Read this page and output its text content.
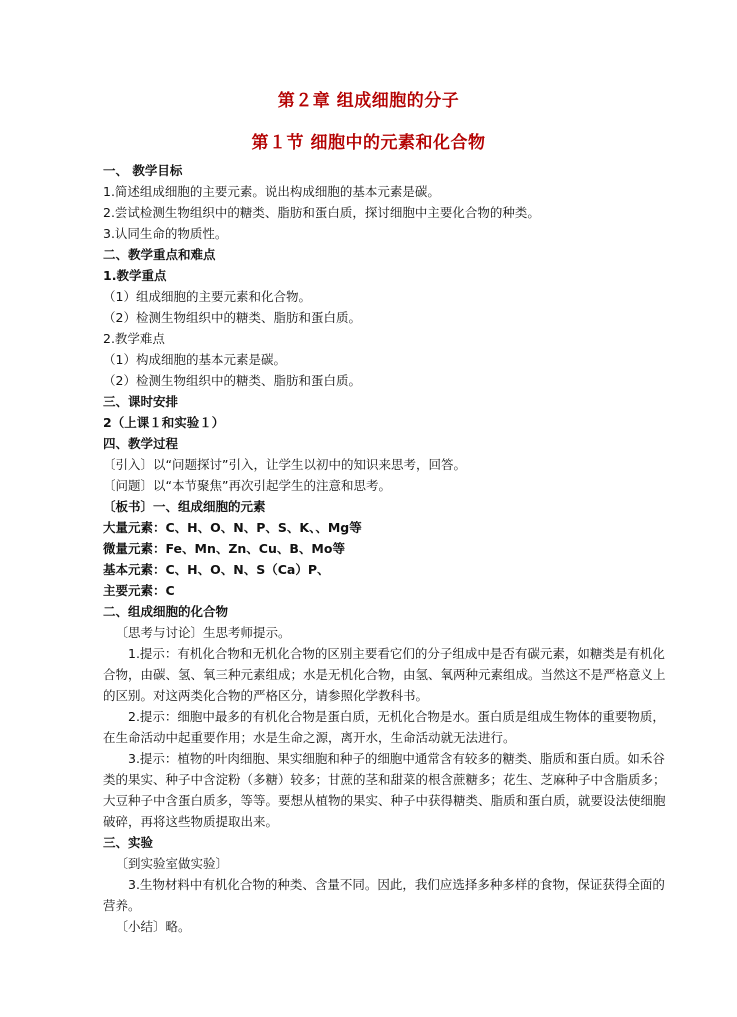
第２章 组成细胞的分子
第１节 细胞中的元素和化合物
一、 教学目标
1.简述组成细胞的主要元素。说出构成细胞的基本元素是碳。
2.尝试检测生物组织中的糖类、脂肪和蛋白质，探讨细胞中主要化合物的种类。
3.认同生命的物质性。
二、教学重点和难点
1.教学重点
（1）组成细胞的主要元素和化合物。
（2）检测生物组织中的糖类、脂肪和蛋白质。
2.教学难点
（1）构成细胞的基本元素是碳。
（2）检测生物组织中的糖类、脂肪和蛋白质。
三、课时安排
2（上课１和实验１）
四、教学过程
〔引入〕以“问题探讨”引入，让学生以初中的知识来思考，回答。
〔问题〕以“本节聚焦”再次引起学生的注意和思考。
〔板书〕一、组成细胞的元素
大量元素：C、H、O、N、P、S、K、、Mg等
微量元素：Fe、Mn、Zn、Cu、B、Mo等
基本元素：C、H、O、N、S（Ca）P、
主要元素：C
二、组成细胞的化合物
〔思考与讨论〕生思考师提示。
1.提示：有机化合物和无机化合物的区别主要看它们的分子组成中是否有碳元素，如糖类是有机化合物，由碳、氢、氧三种元素组成；水是无机化合物，由氢、氧两种元素组成。当然这不是严格意义上的区别。对这两类化合物的严格区分，请参照化学教科书。
2.提示：细胞中最多的有机化合物是蛋白质，无机化合物是水。蛋白质是组成生物体的重要物质，在生命活动中起重要作用；水是生命之源，离开水，生命活动就无法进行。
3.提示：植物的叶肉细胞、果实细胞和种子的细胞中通常含有较多的糖类、脂质和蛋白质。如禾谷类的果实、种子中含淀粉（多糖）较多；甘蔗的茎和甜菜的根含蔗糖多；花生、芝麻种子中含脂质多；大豆种子中含蛋白质多，等等。要想从植物的果实、种子中获得糖类、脂质和蛋白质，就要设法使细胞破碎，再将这些物质提取出来。
三、实验
〔到实验室做实验〕
3.生物材料中有机化合物的种类、含量不同。因此，我们应选择多种多样的食物，保证获得全面的营养。
〔小结〕略。
